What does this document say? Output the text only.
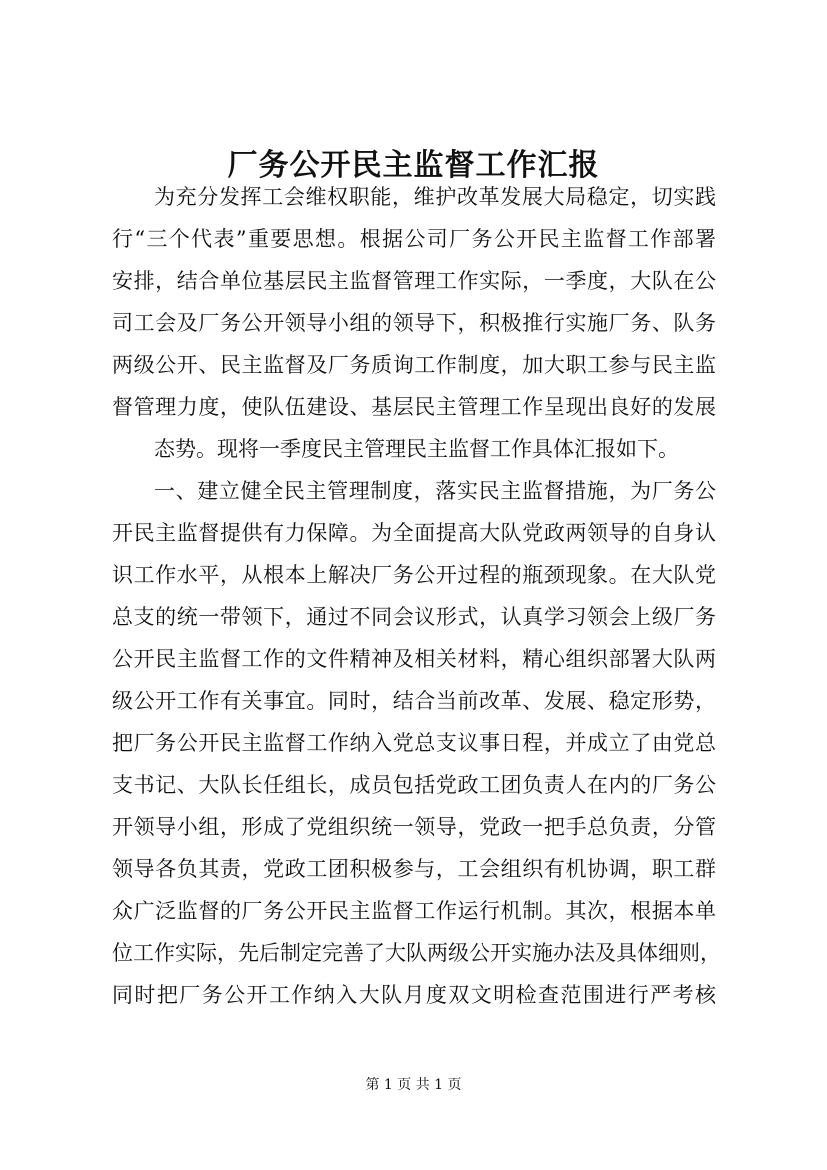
厂务公开民主监督工作汇报

为充分发挥工会维权职能，维护改革发展大局稳定，切实践

行“三个代表”重要思想。根据公司厂务公开民主监督工作部署

安排，结合单位基层民主监督管理工作实际，一季度，大队在公

司工会及厂务公开领导小组的领导下，积极推行实施厂务、队务

两级公开、民主监督及厂务质询工作制度，加大职工参与民主监

督管理力度，使队伍建设、基层民主管理工作呈现出良好的发展

态势。现将一季度民主管理民主监督工作具体汇报如下。

一、建立健全民主管理制度，落实民主监督措施，为厂务公

开民主监督提供有力保障。为全面提高大队党政两领导的自身认

识工作水平，从根本上解决厂务公开过程的瓶颈现象。在大队党

总支的统一带领下，通过不同会议形式，认真学习领会上级厂务

公开民主监督工作的文件精神及相关材料，精心组织部署大队两

级公开工作有关事宜。同时，结合当前改革、发展、稳定形势，

把厂务公开民主监督工作纳入党总支议事日程，并成立了由党总

支书记、大队长任组长，成员包括党政工团负责人在内的厂务公

开领导小组，形成了党组织统一领导，党政一把手总负责，分管

领导各负其责，党政工团积极参与，工会组织有机协调，职工群

众广泛监督的厂务公开民主监督工作运行机制。其次，根据本单

位工作实际，先后制定完善了大队两级公开实施办法及具体细则，

同时把厂务公开工作纳入大队月度双文明检查范围进行严考核

第 1 页 共 1 页
